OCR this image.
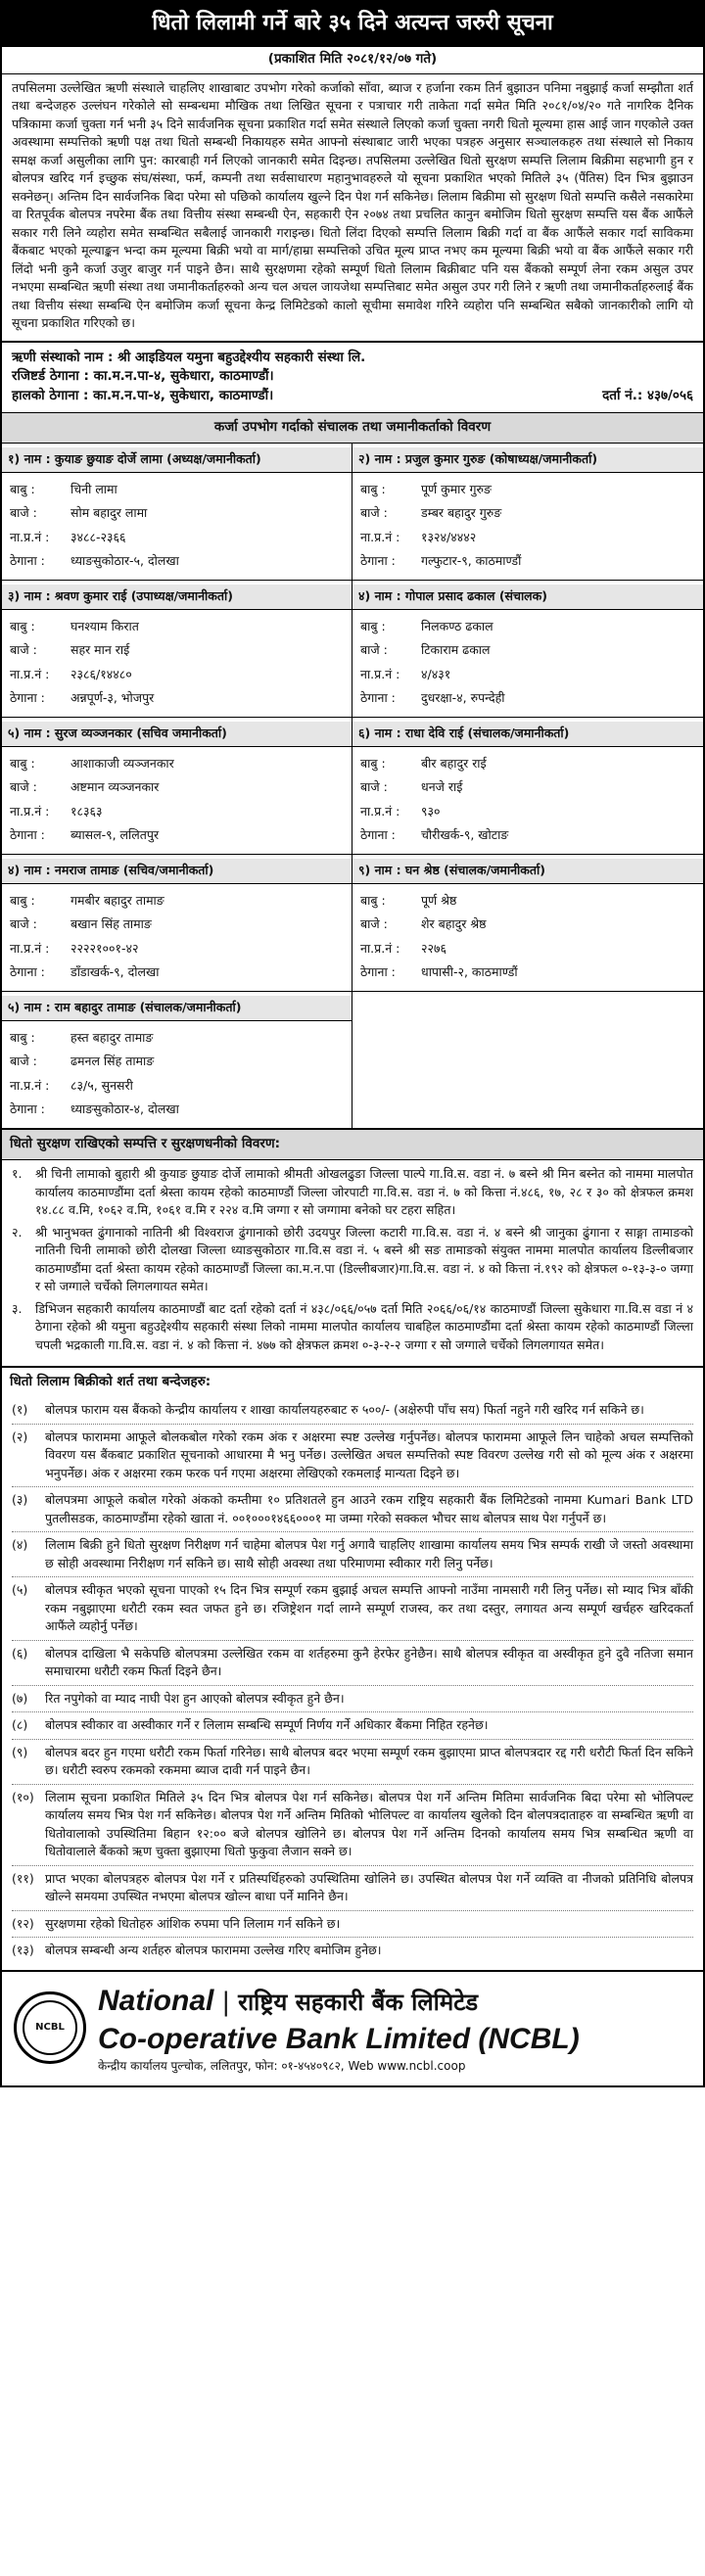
धितो लिलामी गर्ने बारे ३५ दिने अत्यन्त जरुरी सूचना
(प्रकाशित मिति २०८१/१२/०७ गते)
तपसिलमा उल्लेखित ऋणी संस्थाले चाहलिए शाखाबाट उपभोग गरेको कर्जाको साँवा, ब्याज र हर्जाना रकम तिर्न बुझाउन पनिमा नबुझाई कर्जा सम्झौता शर्त तथा बन्देजहरु उल्लंघन गरेकोले सो सम्बन्धमा मौखिक तथा लिखित सूचना र पत्राचार गरी ताकेता गर्दा समेत मिति २०८१/०४/२० गते नागरिक दैनिक पत्रिकामा कर्जा चुक्ता गर्न भनी ३५ दिने सार्वजनिक सूचना प्रकाशित गर्दा समेत संस्थाले लिएको कर्जा चुक्ता नगरी धितो मूल्यमा हास आई जान गएकोले उक्त अवस्थामा सम्पत्तिको ऋणी पक्ष तथा धितो सम्बन्धी निकायहरु समेत आफ्नो संस्थाबाट जारी भएका पत्रहरु अनुसार सञ्चालकहरु तथा संस्थाले सो निकाय समक्ष कर्जा असुलीका लागि पुन: कारबाही गर्न लिएको जानकारी समेत दिइन्छ। तपसिलमा उल्लेखित धितो सुरक्षण सम्पत्ति लिलाम बिक्रीमा सहभागी हुन र बोलपत्र खरिद गर्न इच्छुक संघ/संस्था, फर्म, कम्पनी तथा सर्वसाधारण महानुभावहरुले यो सूचना प्रकाशित भएको मितिले ३५ (पैंतिस) दिन भित्र बुझाउन सक्नेछन्। अन्तिम दिन सार्वजनिक बिदा परेमा सो पछिको कार्यालय खुल्ने दिन पेश गर्न सकिनेछ। लिलाम बिक्रीमा सो सुरक्षण धितो सम्पत्ति कसैले नसकारेमा वा रितपूर्वक बोलपत्र नपरेमा बैंक तथा वित्तीय संस्था सम्बन्धी ऐन, सहकारी ऐन २०७४ तथा प्रचलित कानुन बमोजिम धितो सुरक्षण सम्पत्ति यस बैंक आफैंले सकार गरी लिने व्यहोरा समेत सम्बन्धित सबैलाई जानकारी गराइन्छ। धितो लिंदा दिएको सम्पत्ति लिलाम बिक्री गर्दा वा बैंक आफैंले सकार गर्दा साविकमा बैंकबाट भएको मूल्याङ्कन भन्दा कम मूल्यमा बिक्री भयो वा मार्ग/हाम्रा सम्पत्तिको उचित मूल्य प्राप्त नभए कम मूल्यमा बिक्री भयो वा बैंक आफैंले सकार गरी लिंदो भनी कुनै कर्जा उजुर बाजुर गर्न पाइने छैन। साथै सुरक्षणमा रहेको सम्पूर्ण धितो लिलाम बिक्रीबाट पनि यस बैंकको सम्पूर्ण लेना रकम असुल उपर नभएमा सम्बन्धित ऋणी संस्था तथा जमानीकर्ताहरुको अन्य चल अचल जायजेथा सम्पत्तिबाट समेत असुल उपर गरी लिने र ऋणी तथा जमानीकर्ताहरुलाई बैंक तथा वित्तीय संस्था सम्बन्धि ऐन बमोजिम कर्जा सूचना केन्द्र लिमिटेडको कालो सूचीमा समावेश गरिने व्यहोरा पनि सम्बन्धित सबैको जानकारीको लागि यो सूचना प्रकाशित गरिएको छ।
ऋणी संस्थाको नाम : श्री आइडियल यमुना बहुउद्देश्यीय सहकारी संस्था लि.
रजिष्टर्ड ठेगाना : का.म.न.पा-४, सुकेधारा, काठमाण्डौं।
हालको ठेगाना : का.म.न.पा-४, सुकेधारा, काठमाण्डौं।	दर्ता नं.: ४३७/०५६
कर्जा उपभोग गर्दाको संचालक तथा जमानीकर्ताको विवरण
१) नाम : कुयाङ छुयाङ दोर्जे लामा (अध्यक्ष/जमानीकर्ता)
बाबु :	चिनी लामा
बाजे :	सोम बहादुर लामा
ना.प्र.नं :	३४८८-२३६६
ठेगाना :	ध्याङसुकोठार-५, दोलखा
२) नाम : प्रजुल कुमार गुरुङ (कोषाध्यक्ष/जमानीकर्ता)
बाबु :	पूर्ण कुमार गुरुङ
बाजे :	डम्बर बहादुर गुरुङ
ना.प्र.नं :	१३२४/४४४२
ठेगाना :	गल्फुटार-९, काठमाण्डौं
३) नाम : श्रवण कुमार राई (उपाध्यक्ष/जमानीकर्ता)
बाबु :	घनश्याम किरात
बाजे :	सहर मान राई
ना.प्र.नं :	२३८६/१४४८०
ठेगाना :	अन्नपूर्ण-३, भोजपुर
४) नाम : गोपाल प्रसाद ढकाल (संचालक)
बाबु :	निलकण्ठ ढकाल
बाजे :	टिकाराम ढकाल
ना.प्र.नं :	४/४३१
ठेगाना :	दुधरक्षा-४, रुपन्देही
५) नाम : सुरज व्यञ्जनकार (सचिव जमानीकर्ता)
बाबु :	आशाकाजी व्यञ्जनकार
बाजे :	अष्टमान व्यञ्जनकार
ना.प्र.नं :	१८३६३
ठेगाना :	ब्यासल-९, ललितपुर
६) नाम : राधा देवि राई (संचालक/जमानीकर्ता)
बाबु :	बीर बहादुर राई
बाजे :	धनजे राई
ना.प्र.नं :	९३०
ठेगाना :	चौरीखर्क-९, खोटाङ
४) नाम : नमराज तामाङ (सचिव/जमानीकर्ता)
बाबु :	गमबीर बहादुर तामाङ
बाजे :	बखान सिंह तामाङ
ना.प्र.नं :	२२२२१००१-४२
ठेगाना :	डाँडाखर्क-९, दोलखा
९) नाम : घन श्रेष्ठ (संचालक/जमानीकर्ता)
बाबु :	पूर्ण श्रेष्ठ
बाजे :	शेर बहादुर श्रेष्ठ
ना.प्र.नं :	२२७६
ठेगाना :	धापासी-२, काठमाण्डौं
५) नाम : राम बहादुर तामाङ (संचालक/जमानीकर्ता)
बाबु :	हस्त बहादुर तामाङ
बाजे :	ढमनल सिंह तामाङ
ना.प्र.नं :	८३/५, सुनसरी
ठेगाना :	ध्याङसुकोठार-४, दोलखा
धितो सुरक्षण राखिएको सम्पत्ति र सुरक्षणधनीको विवरण:
१.	श्री चिनी लामाको बुहारी श्री कुयाङ छुयाङ दोर्जे लामाको श्रीमती ओखलढुङा जिल्ला पाल्पे गा.वि.स. वडा नं. ७ बस्ने श्री मिन बस्नेत को नाममा मालपोत कार्यालय काठमाण्डौंमा दर्ता श्रेस्ता कायम रहेको काठमाण्डौं जिल्ला जोरपाटी गा.वि.स. वडा नं. ७ को कित्ता नं.४८६, १७, २८ र ३० को क्षेत्रफल क्रमश १४.८८ व.मि, १०६२ व.मि, १०६१ व.मि र २२४ व.मि जग्गा र सो जग्गामा बनेको घर टहरा सहित।
२.	श्री भानुभक्त ढुंगानाको नातिनी श्री विश्वराज ढुंगानाको छोरी उदयपुर जिल्ला कटारी गा.वि.स. वडा नं. ४ बस्ने श्री जानुका ढुंगाना र साङ्गा तामाङको नातिनी चिनी लामाको छोरी दोलखा जिल्ला ध्याङसुकोठार गा.वि.स वडा नं. ५ बस्ने श्री सङ तामाङको संयुक्त नाममा मालपोत कार्यालय डिल्लीबजार काठमाण्डौंमा दर्ता श्रेस्ता कायम रहेको काठमाण्डौं जिल्ला का.म.न.पा (डिल्लीबजार)गा.वि.स. वडा नं. ४ को कित्ता नं.१९२ को क्षेत्रफल ०-१३-३-० जग्गा र सो जग्गाले चर्चेको लिगलगायत समेत।
३.	डिभिजन सहकारी कार्यालय काठमाण्डौं बाट दर्ता रहेको दर्ता नं ४३८/०६६/०५७ दर्ता मिति २०६६/०६/१४ काठमाण्डौं जिल्ला सुकेधारा गा.वि.स वडा नं ४ ठेगाना रहेको श्री यमुना बहुउद्देश्यीय सहकारी संस्था लिको नाममा मालपोत कार्यालय चाबहिल काठमाण्डौंमा दर्ता श्रेस्ता कायम रहेको काठमाण्डौं जिल्ला चपली भद्रकाली गा.वि.स. वडा नं. ४ को कित्ता नं. ४७७ को क्षेत्रफल क्रमश ०-३-२-२ जग्गा र सो जग्गाले चर्चेको लिगलगायत समेत।
धितो लिलाम बिक्रीको शर्त तथा बन्देजहरु:
(१)	बोलपत्र फाराम यस बैंकको केन्द्रीय कार्यालय र शाखा कार्यालयहरुबाट रु ५००/- (अक्षेरुपी पाँच सय) फिर्ता नहुने गरी खरिद गर्न सकिने छ।
(२)	बोलपत्र फाराममा आफूले बोलकबोल गरेको रकम अंक र अक्षरमा स्पष्ट उल्लेख गर्नुपर्नेछ। बोलपत्र फाराममा आफूले लिन चाहेको अचल सम्पत्तिको विवरण यस बैंकबाट प्रकाशित सूचनाको आधारमा मै भनु पर्नेछ। उल्लेखित अचल सम्पत्तिको स्पष्ट विवरण उल्लेख गरी सो को मूल्य अंक र अक्षरमा भनुपर्नेछ। अंक र अक्षरमा रकम फरक पर्न गएमा अक्षरमा लेखिएको रकमलाई मान्यता दिइने छ।
(३)	बोलपत्रमा आफूले कबोल गरेको अंकको कम्तीमा १० प्रतिशतले हुन आउने रकम राष्ट्रिय सहकारी बैंक लिमिटेडको नाममा Kumari Bank LTD पुतलीसडक, काठमाण्डौंमा रहेको खाता नं. ००१०००१४६६०००१ मा जम्मा गरेको सक्कल भौचर साथ बोलपत्र साथ पेश गर्नुपर्ने छ।
(४)	लिलाम बिक्री हुने धितो सुरक्षण निरीक्षण गर्न चाहेमा बोलपत्र पेश गर्नु अगावै चाहलिए शाखामा कार्यालय समय भित्र सम्पर्क राखी जे जस्तो अवस्थामा छ सोही अवस्थामा निरीक्षण गर्न सकिने छ। साथै सोही अवस्था तथा परिमाणमा स्वीकार गरी लिनु पर्नेछ।
(५)	बोलपत्र स्वीकृत भएको सूचना पाएको १५ दिन भित्र सम्पूर्ण रकम बुझाई अचल सम्पत्ति आफ्नो नाउँमा नामसारी गरी लिनु पर्नेछ। सो म्याद भित्र बाँकी रकम नबुझाएमा धरौटी रकम स्वत जफत हुने छ। रजिष्ट्रेशन गर्दा लाग्ने सम्पूर्ण राजस्व, कर तथा दस्तुर, लगायत अन्य सम्पूर्ण खर्चहरु खरिदकर्ता आफैंले व्यहोर्नु पर्नेछ।
(६)	बोलपत्र दाखिला भै सकेपछि बोलपत्रमा उल्लेखित रकम वा शर्तहरुमा कुनै हेरफेर हुनेछैन। साथै बोलपत्र स्वीकृत वा अस्वीकृत हुने दुवै नतिजा समान समाचारमा धरौटी रकम फिर्ता दिइने छैन।
(७)	रित नपुगेको वा म्याद नाघी पेश हुन आएको बोलपत्र स्वीकृत हुने छैन।
(८)	बोलपत्र स्वीकार वा अस्वीकार गर्ने र लिलाम सम्बन्धि सम्पूर्ण निर्णय गर्ने अधिकार बैंकमा निहित रहनेछ।
(९)	बोलपत्र बदर हुन गएमा धरौटी रकम फिर्ता गरिनेछ। साथै बोलपत्र बदर भएमा सम्पूर्ण रकम बुझाएमा प्राप्त बोलपत्रदार रद्द गरी धरौटी फिर्ता दिन सकिने छ। धरौटी स्वरुप रकमको रकममा ब्याज दावी गर्न पाइने छैन।
(१०) लिलाम सूचना प्रकाशित मितिले ३५ दिन भित्र बोलपत्र पेश गर्न सकिनेछ। बोलपत्र पेश गर्ने अन्तिम मितिमा सार्वजनिक बिदा परेमा सो भोलिपल्ट कार्यालय समय भित्र पेश गर्न सकिनेछ। बोलपत्र पेश गर्ने अन्तिम मितिको भोलिपल्ट वा कार्यालय खुलेको दिन बोलपत्रदाताहरु वा सम्बन्धित ऋणी वा धितोवालाको उपस्थितिमा बिहान १२:०० बजे बोलपत्र खोलिने छ। बोलपत्र पेश गर्ने अन्तिम दिनको कार्यालय समय भित्र सम्बन्धित ऋणी वा धितोवालाले बैंकको ऋण चुक्ता बुझाएमा धितो फुकुवा लैजान सक्ने छ।
(११) प्राप्त भएका बोलपत्रहरु बोलपत्र पेश गर्ने र प्रतिस्पर्धिहरुको उपस्थितिमा खोलिने छ। उपस्थित बोलपत्र पेश गर्ने व्यक्ति वा नीजको प्रतिनिधि बोलपत्र खोल्ने समयमा उपस्थित नभएमा बोलपत्र खोल्न बाधा पर्ने मानिने छैन।
(१२) सुरक्षणमा रहेको धितोहरु आंशिक रुपमा पनि लिलाम गर्न सकिने छ।
(१३) बोलपत्र सम्बन्धी अन्य शर्तहरु बोलपत्र फाराममा उल्लेख गरिए बमोजिम हुनेछ।
NCBL
National | राष्ट्रिय सहकारी बैंक लिमिटेड
Co-operative Bank Limited (NCBL)
केन्द्रीय कार्यालय पुल्चोक, ललितपुर, फोन: ०१-४५४०९८२, Web www.ncbl.coop
